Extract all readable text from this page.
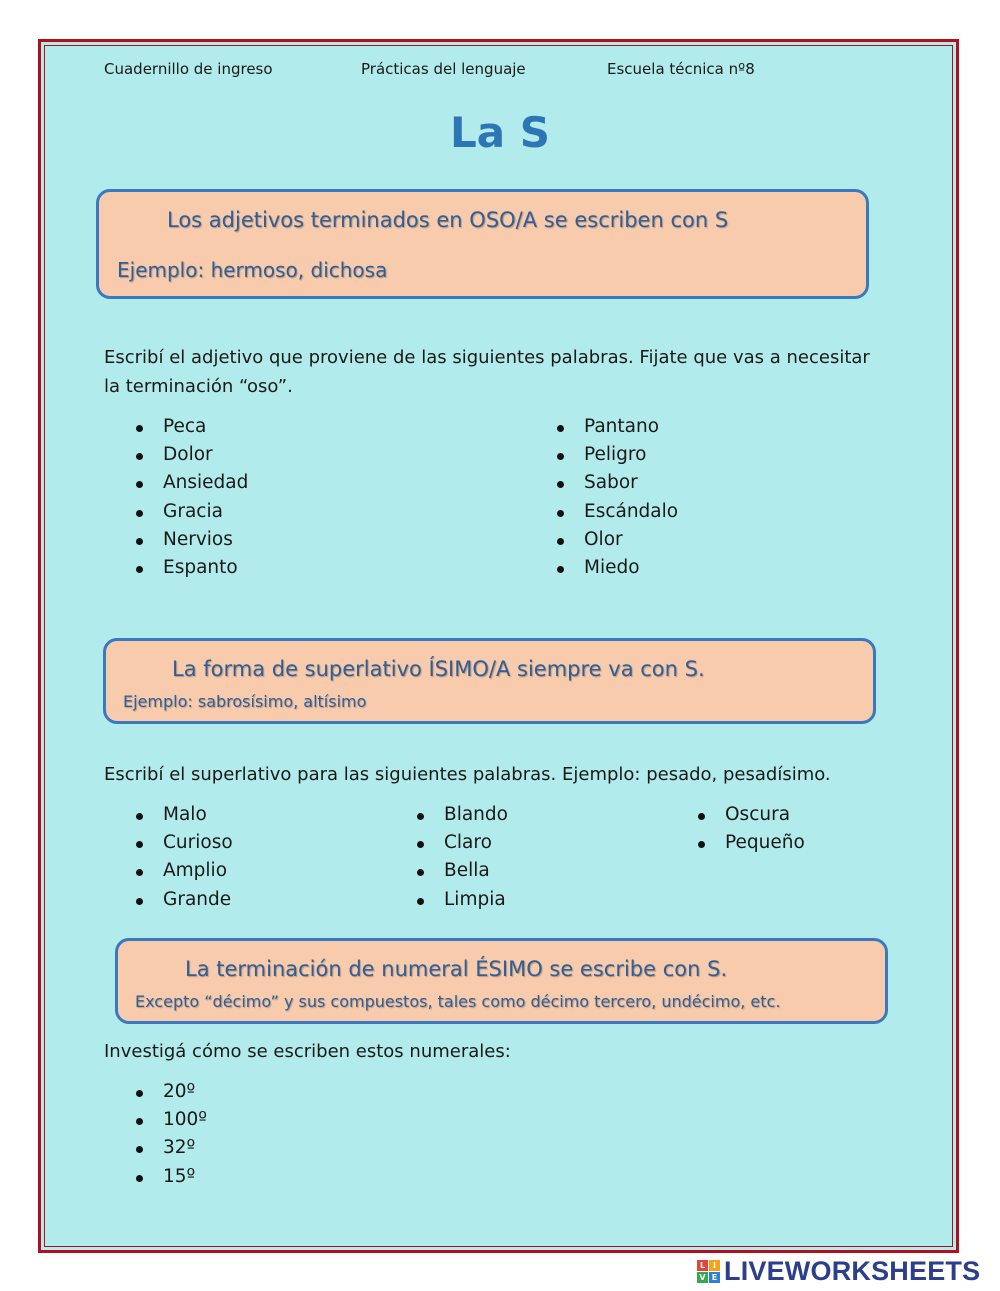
Cuadernillo de ingreso	Prácticas del lenguaje	Escuela técnica nº8
La S
Los adjetivos terminados en OSO/A se escriben con S
Ejemplo: hermoso, dichosa
Escribí el adjetivo que proviene de las siguientes palabras. Fijate que vas a necesitar la terminación “oso”.
Peca
Dolor
Ansiedad
Gracia
Nervios
Espanto
Pantano
Peligro
Sabor
Escándalo
Olor
Miedo
La forma de superlativo ÍSIMO/A siempre va con S.
Ejemplo: sabrosísimo, altísimo
Escribí el superlativo para las siguientes palabras. Ejemplo: pesado, pesadísimo.
Malo
Curioso
Amplio
Grande
Blando
Claro
Bella
Limpia
Oscura
Pequeño
La terminación de numeral ÉSIMO se escribe con S.
Excepto “décimo” y sus compuestos, tales como décimo tercero, undécimo, etc.
Investigá cómo se escriben estos numerales:
20º
100º
32º
15º
L I
V E LIVEWORKSHEETS
